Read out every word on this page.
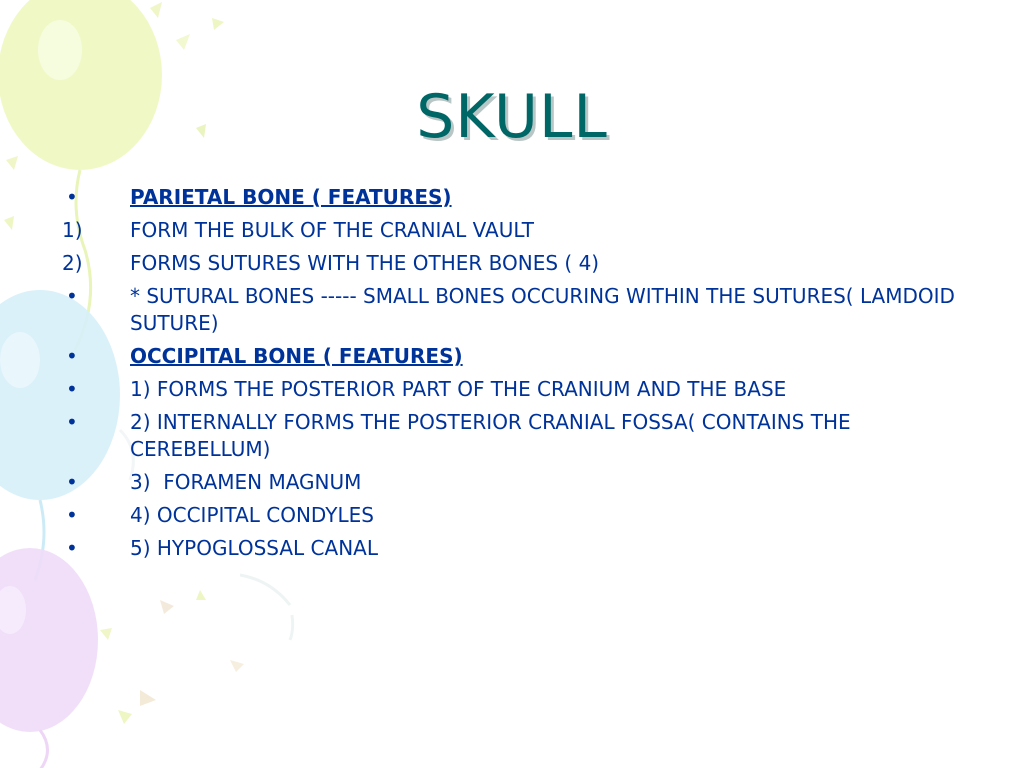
SKULL
•	PARIETAL BONE ( FEATURES)
1)	FORM THE BULK OF THE CRANIAL VAULT
2)	FORMS SUTURES WITH THE OTHER BONES ( 4)
•	* SUTURAL BONES ----- SMALL BONES OCCURING WITHIN THE SUTURES( LAMDOID SUTURE)
•	OCCIPITAL BONE ( FEATURES)
•	1) FORMS THE POSTERIOR PART OF THE CRANIUM AND THE BASE
•	2) INTERNALLY FORMS THE POSTERIOR CRANIAL FOSSA( CONTAINS THE CEREBELLUM)
•	3)  FORAMEN MAGNUM
•	4) OCCIPITAL CONDYLES
•	5) HYPOGLOSSAL CANAL
